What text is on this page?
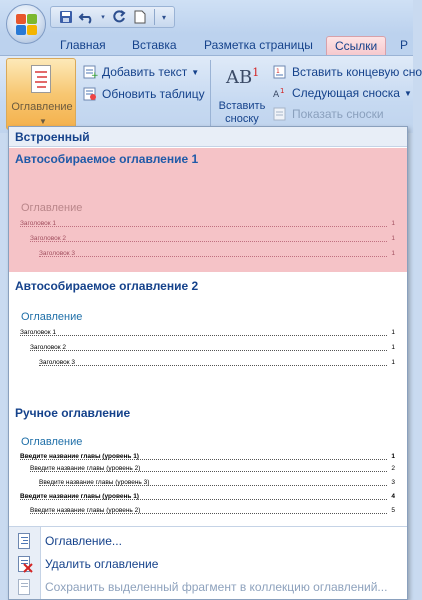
▾	▾
Главная	Вставка	Разметка страницы	Ссылки	Р
Оглавление
▼
+ Добавить текст ▼
Обновить таблицу
$AB^1$
Вставить сноску
1 Вставить концевую сно
A 1 Следующая сноска ▼
Показать сноски
Встроенный
Автособираемое оглавление 1
Оглавление
Заголовок 1	1
Заголовок 2	1
Заголовок 3	1
Автособираемое оглавление 2
Оглавление
Заголовок 1	1
Заголовок 2	1
Заголовок 3	1
Ручное оглавление
Оглавление
Введите название главы (уровень 1)	1
Введите название главы (уровень 2)	2
Введите название главы (уровень 3)	3
Введите название главы (уровень 1)	4
Введите название главы (уровень 2)	5
Оглавление...
Удалить оглавление
Сохранить выделенный фрагмент в коллекцию оглавлений...
